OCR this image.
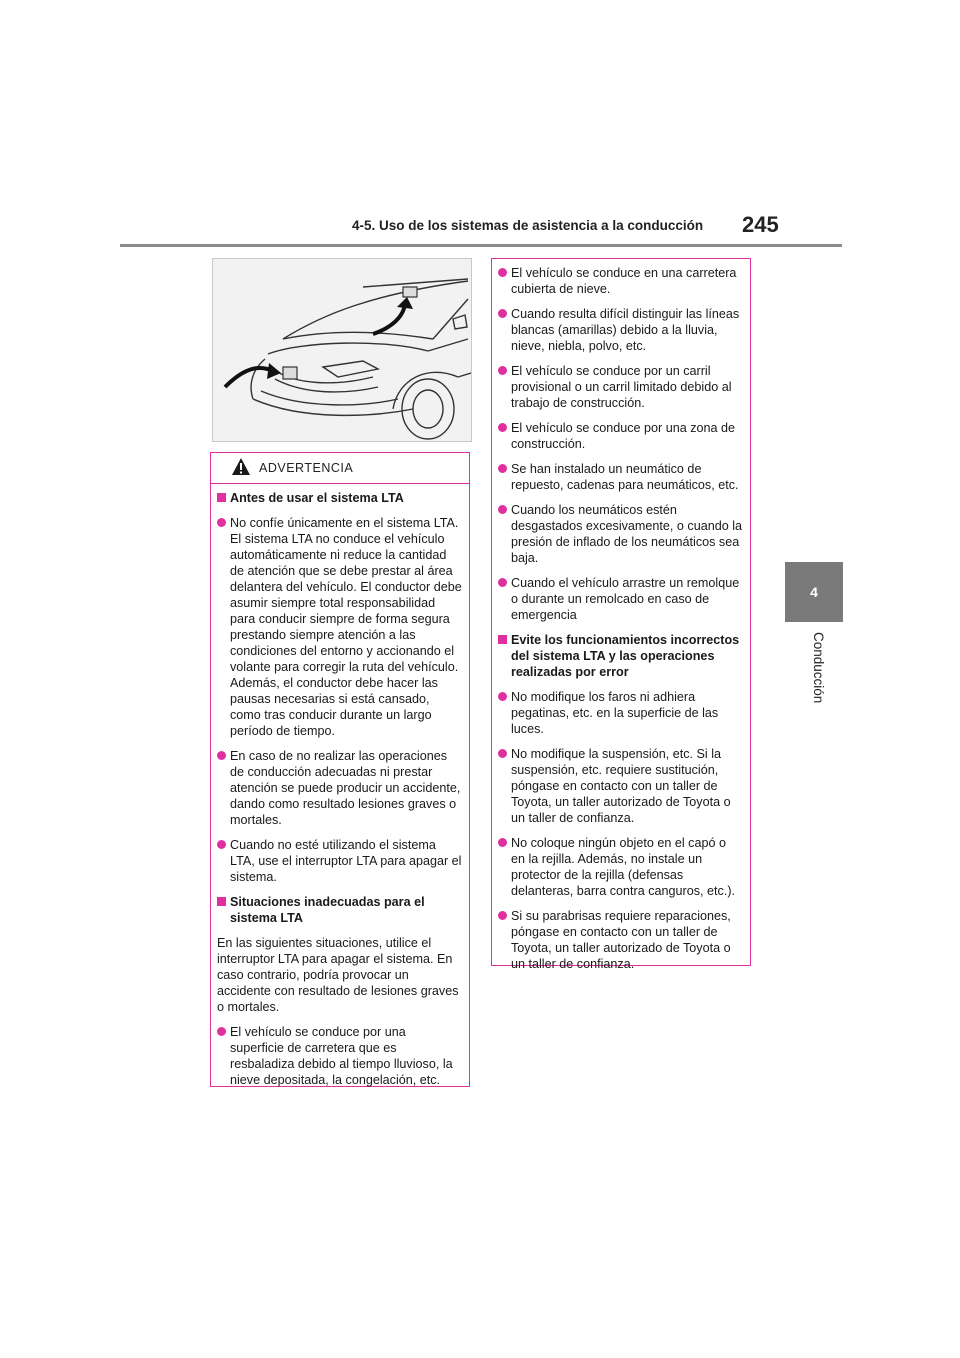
4-5. Uso de los sistemas de asistencia a la conducción 245
4
Conducción
ADVERTENCIA
Antes de usar el sistema LTA
No confíe únicamente en el sistema LTA. El sistema LTA no conduce el vehículo automáticamente ni reduce la cantidad de atención que se debe prestar al área delantera del vehículo. El conductor debe asumir siempre total responsabilidad para conducir siempre de forma segura prestando siempre atención a las condiciones del entorno y accionando el volante para corregir la ruta del vehículo. Además, el conductor debe hacer las pausas necesarias si está cansado, como tras conducir durante un largo período de tiempo.
En caso de no realizar las operaciones de conducción adecuadas ni prestar atención se puede producir un accidente, dando como resultado lesiones graves o mortales.
Cuando no esté utilizando el sistema LTA, use el interruptor LTA para apagar el sistema.
Situaciones inadecuadas para el sistema LTA
En las siguientes situaciones, utilice el interruptor LTA para apagar el sistema. En caso contrario, podría provocar un accidente con resultado de lesiones graves o mortales.
El vehículo se conduce por una superficie de carretera que es resbaladiza debido al tiempo lluvioso, la nieve depositada, la congelación, etc.
El vehículo se conduce en una carretera cubierta de nieve.
Cuando resulta difícil distinguir las líneas blancas (amarillas) debido a la lluvia, nieve, niebla, polvo, etc.
El vehículo se conduce por un carril provisional o un carril limitado debido al trabajo de construcción.
El vehículo se conduce por una zona de construcción.
Se han instalado un neumático de repuesto, cadenas para neumáticos, etc.
Cuando los neumáticos estén desgastados excesivamente, o cuando la presión de inflado de los neumáticos sea baja.
Cuando el vehículo arrastre un remolque o durante un remolcado en caso de emergencia
Evite los funcionamientos incorrectos del sistema LTA y las operaciones realizadas por error
No modifique los faros ni adhiera pegatinas, etc. en la superficie de las luces.
No modifique la suspensión, etc. Si la suspensión, etc. requiere sustitución, póngase en contacto con un taller de Toyota, un taller autorizado de Toyota o un taller de confianza.
No coloque ningún objeto en el capó o en la rejilla. Además, no instale un protector de la rejilla (defensas delanteras, barra contra canguros, etc.).
Si su parabrisas requiere reparaciones, póngase en contacto con un taller de Toyota, un taller autorizado de Toyota o un taller de confianza.
